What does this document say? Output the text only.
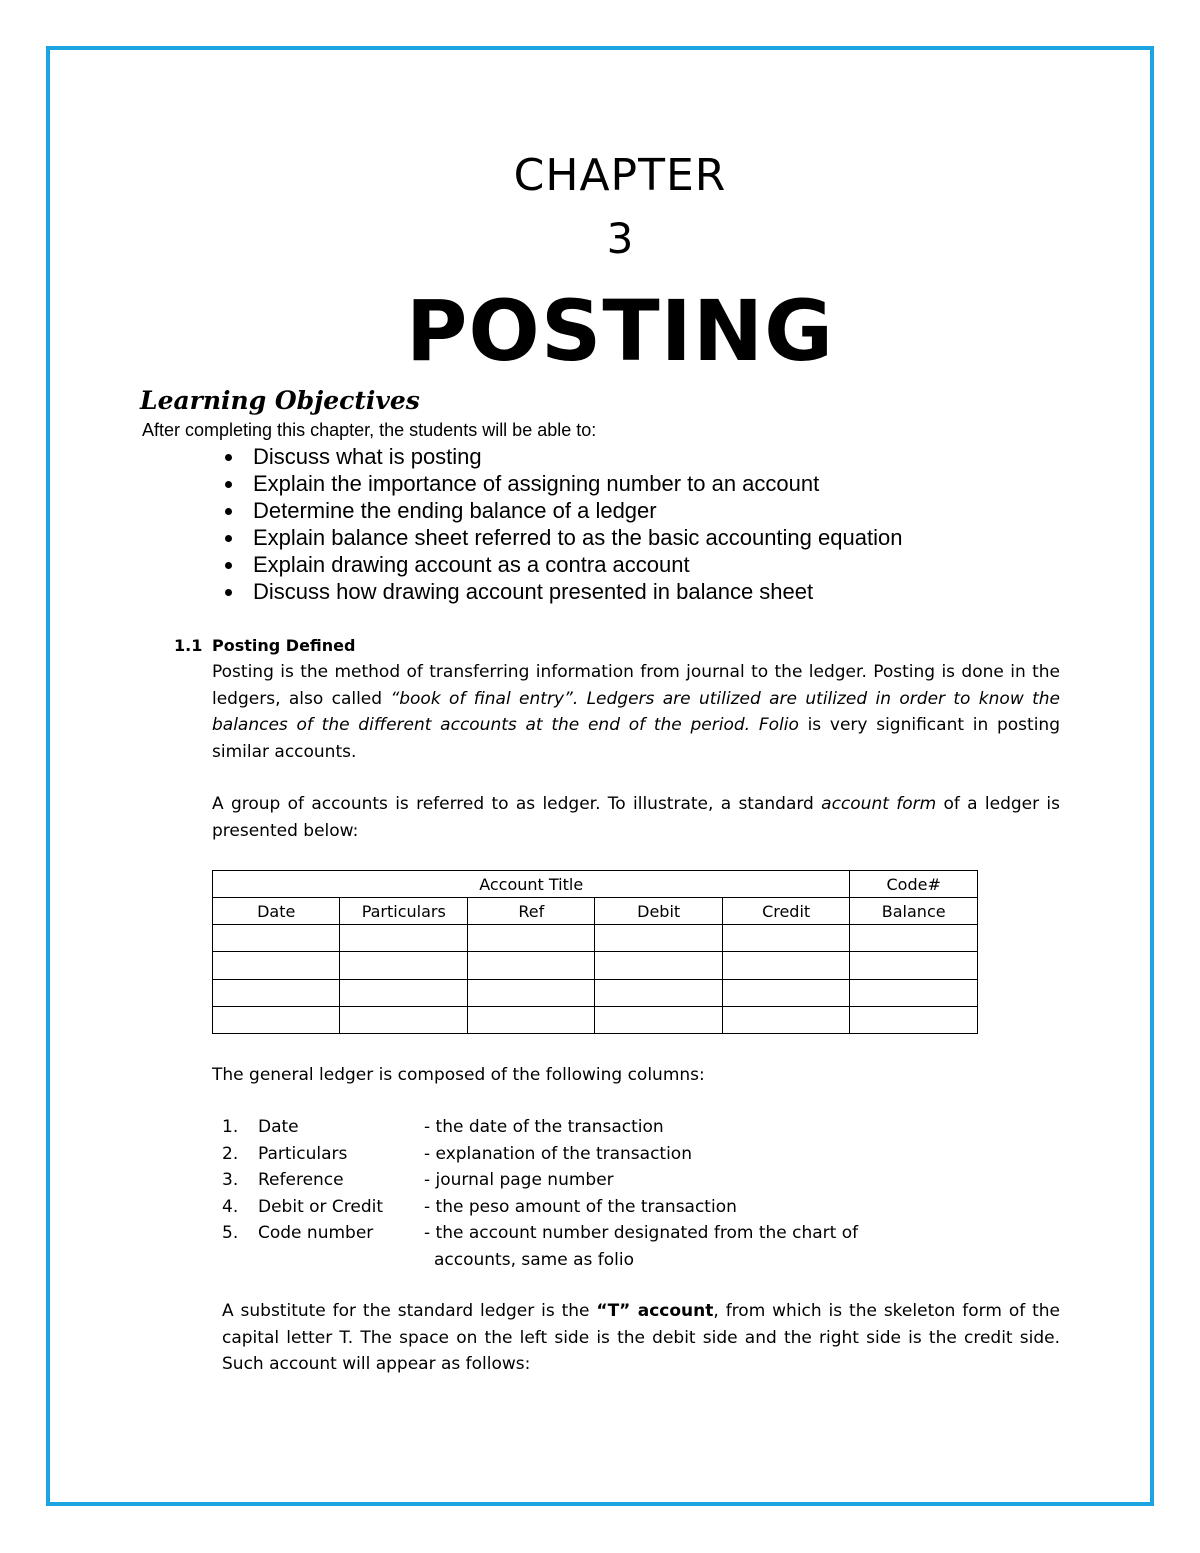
CHAPTER
3
POSTING
Learning Objectives
After completing this chapter, the students will be able to:
Discuss what is posting
Explain the importance of assigning number to an account
Determine the ending balance of a ledger
Explain balance sheet referred to as the basic accounting equation
Explain drawing account as a contra account
Discuss how drawing account presented in balance sheet
1.1 Posting Defined
Posting is the method of transferring information from journal to the ledger. Posting is done in the ledgers, also called “book of final entry”. Ledgers are utilized are utilized in order to know the balances of the different accounts at the end of the period. Folio is very significant in posting similar accounts.
A group of accounts is referred to as ledger. To illustrate, a standard account form of a ledger is presented below:
Account Title					Code#
Date	Particulars	Ref	Debit	Credit	Balance

The general ledger is composed of the following columns:
1. Date	- the date of the transaction
2. Particulars	- explanation of the transaction
3. Reference	- journal page number
4. Debit or Credit - the peso amount of the transaction
5. Code number	- the account number designated from the chart of
accounts, same as folio
A substitute for the standard ledger is the “T” account, from which is the skeleton form of the capital letter T. The space on the left side is the debit side and the right side is the credit side. Such account will appear as follows:
